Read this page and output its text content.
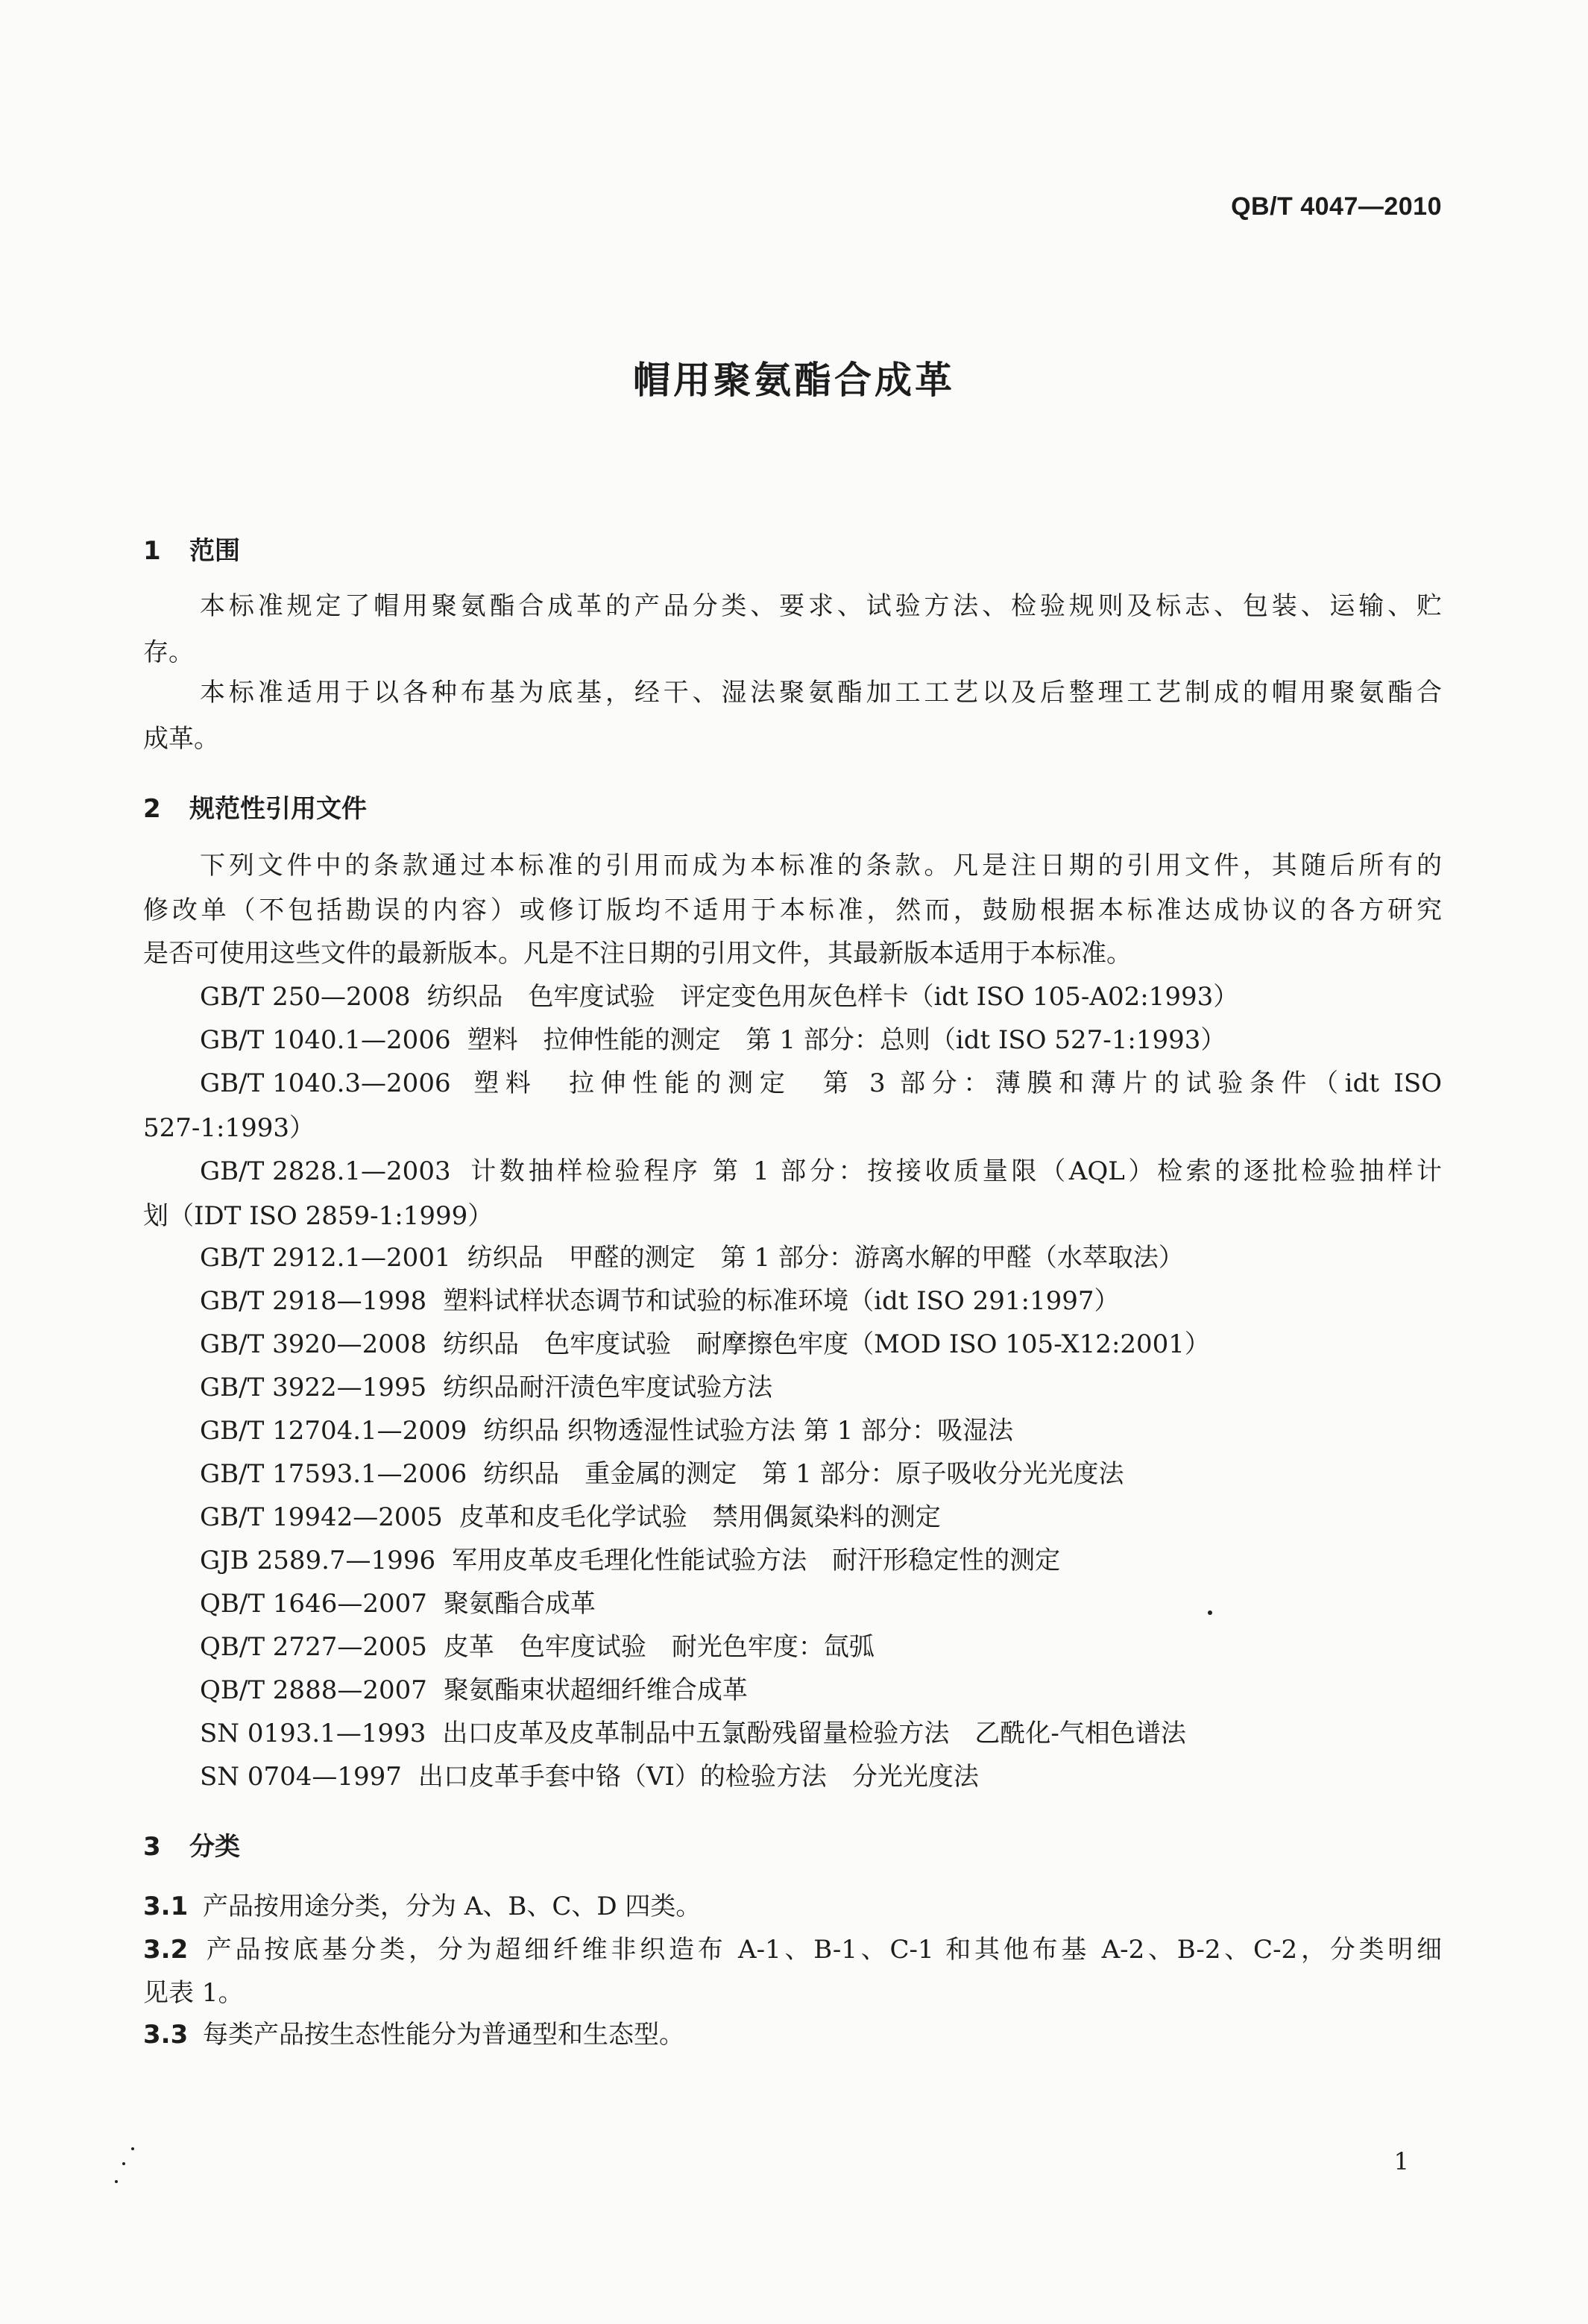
QB/T 4047—2010
帽用聚氨酯合成革
1 范围
本标准规定了帽用聚氨酯合成革的产品分类、要求、试验方法、检验规则及标志、包装、运输、贮
存。
本标准适用于以各种布基为底基，经干、湿法聚氨酯加工工艺以及后整理工艺制成的帽用聚氨酯合
成革。
2 规范性引用文件
下列文件中的条款通过本标准的引用而成为本标准的条款。凡是注日期的引用文件，其随后所有的
修改单（不包括勘误的内容）或修订版均不适用于本标准，然而，鼓励根据本标准达成协议的各方研究
是否可使用这些文件的最新版本。凡是不注日期的引用文件，其最新版本适用于本标准。
GB/T 250—2008 纺织品　色牢度试验　评定变色用灰色样卡（idt ISO 105-A02:1993）
GB/T 1040.1—2006 塑料　拉伸性能的测定　第 1 部分：总则（idt ISO 527-1:1993）
GB/T 1040.3—2006 塑料　拉伸性能的测定　第 3 部分：薄膜和薄片的试验条件（idt ISO
527-1:1993）
GB/T 2828.1—2003 计数抽样检验程序 第 1 部分：按接收质量限（AQL）检索的逐批检验抽样计
划（IDT ISO 2859-1:1999）
GB/T 2912.1—2001 纺织品　甲醛的测定　第 1 部分：游离水解的甲醛（水萃取法）
GB/T 2918—1998 塑料试样状态调节和试验的标准环境（idt ISO 291:1997）
GB/T 3920—2008 纺织品　色牢度试验　耐摩擦色牢度（MOD ISO 105-X12:2001）
GB/T 3922—1995 纺织品耐汗渍色牢度试验方法
GB/T 12704.1—2009 纺织品 织物透湿性试验方法 第 1 部分：吸湿法
GB/T 17593.1—2006 纺织品　重金属的测定　第 1 部分：原子吸收分光光度法
GB/T 19942—2005 皮革和皮毛化学试验　禁用偶氮染料的测定
GJB 2589.7—1996 军用皮革皮毛理化性能试验方法　耐汗形稳定性的测定
QB/T 1646—2007 聚氨酯合成革
QB/T 2727—2005 皮革　色牢度试验　耐光色牢度：氙弧
QB/T 2888—2007 聚氨酯束状超细纤维合成革
SN 0193.1—1993 出口皮革及皮革制品中五氯酚残留量检验方法　乙酰化-气相色谱法
SN 0704—1997 出口皮革手套中铬（VI）的检验方法　分光光度法
3 分类
3.1 产品按用途分类，分为 A、B、C、D 四类。
3.2 产品按底基分类，分为超细纤维非织造布 A-1、B-1、C-1 和其他布基 A-2、B-2、C-2，分类明细
见表 1。
3.3 每类产品按生态性能分为普通型和生态型。
1
